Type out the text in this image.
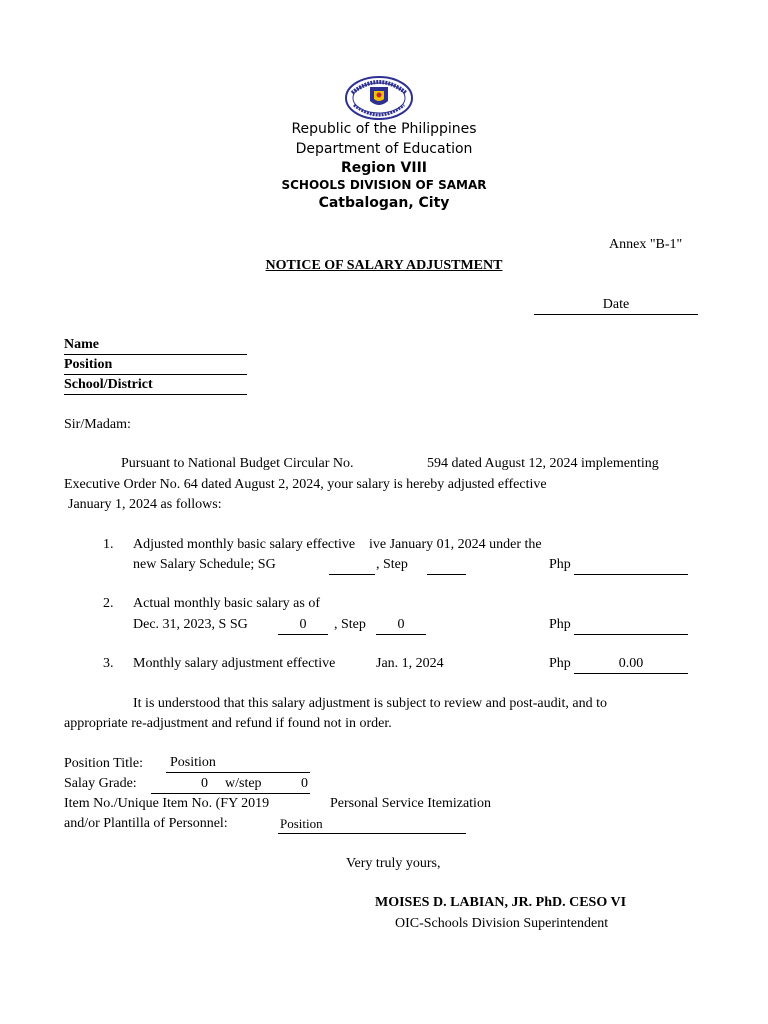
Republic of the Philippines
Department of Education
Region VIII
SCHOOLS DIVISION OF SAMAR
Catbalogan, City
Annex "B-1"
NOTICE OF SALARY ADJUSTMENT
Date
Name
Position
School/District
Sir/Madam:
Pursuant to National Budget Circular No.	594 dated August 12, 2024 implementing
Executive Order No. 64 dated August 2, 2024, your salary is hereby adjusted effective
January 1, 2024 as follows:
1. Adjusted monthly basic salary effective ive January 01, 2024 under the
new Salary Schedule; SG	, Step	Php
2. Actual monthly basic salary as of
Dec. 31, 2023, S SG	0	, Step	0	Php
3. Monthly salary adjustment effective	Jan. 1, 2024	Php	0.00
It is understood that this salary adjustment is subject to review and post-audit, and to
appropriate re-adjustment and refund if found not in order.
Position Title: Position
Salay Grade:	0 w/step	0
Item No./Unique Item No. (FY 2019	Personal Service Itemization
and/or Plantilla of Personnel:	Position
Very truly yours,
MOISES D. LABIAN, JR. PhD. CESO VI
OIC-Schools Division Superintendent
